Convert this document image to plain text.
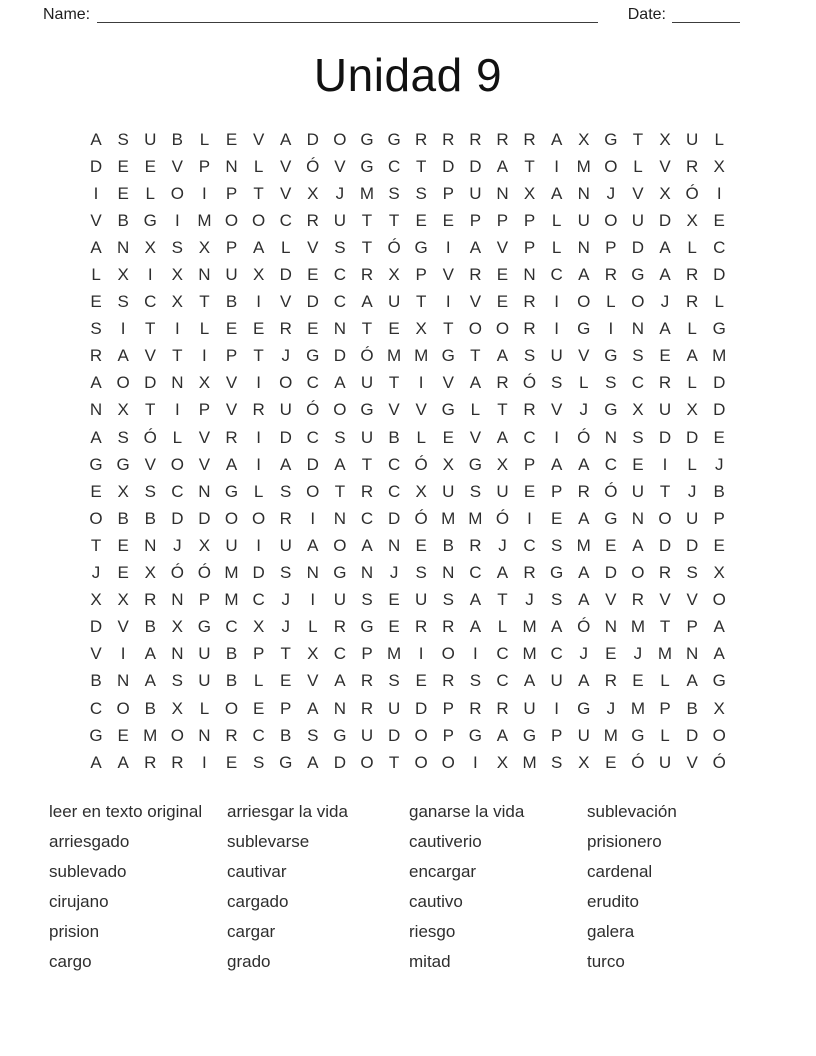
Name:	Date:
Unidad 9
A S U B L E V A D O G G R R R R R A X G T X U L
D E E V P N L V Ó V G C T D D A T	I	M O L V R X
I	E L O	I	P T V X	J M S S P U N X A N J	V X Ó	I
V B G	I	M O O C R U T T E E P P P L U O U D X E
A N X S X P A L V S T Ó G	I	A V P L N P D A L C
L X	I	X N U X D E C R X P V R E N C A R G A R D
E S C X T B	I	V D C A U T	I	V E R	I	O L O J R L
S	I	T	I	L E E R E N T E X T O O R	I	G	I	N A L G
R A V T	I	P T	J G D Ó M M G T A S U V G S E A M
A O D N X V	I	O C A U T	I	V A R Ó S L S C R L D
N X T	I	P V R U Ó O G V V G L	T R V	J G X U X D
A S Ó L V R	I	D C S U B L E V A C	I	Ó N S D D E
G G V O V A	I	A D A T C Ó X G X P A A C E	I	L	J
E X S C N G L S O T R C X U S U E P R Ó U T	J	B
O B B D D O O R	I	N C D Ó M M Ó	I	E A G N O U P
T E N J	X U	I	U A O A N E B R J C S M E A D D E
J	E X Ó Ó M D S N G N J	S N C A R G A D O R S X
X X R N P M C J	I	U S E U S A T	J	S A V R V V O
D V B X G C X	J	L R G E R R A L M A Ó N M T P A
V	I	A N U B P T X C P M	I	O	I	C M C J	E	J M N A
B N A S U B L E V A R S E R S C A U A R E L A G
C O B X L O E P A N R U D P R R U	I	G J M P B X
G E M O N R C B S G U D O P G A G P U M G L D O
A A R R	I	E S G A D O T O O	I	X M S X E Ó U V Ó
leer en texto original
arriesgado
sublevado
cirujano
prision
cargo
arriesgar la vida
sublevarse
cautivar
cargado
cargar
grado
ganarse la vida
cautiverio
encargar
cautivo
riesgo
mitad
sublevación
prisionero
cardenal
erudito
galera
turco
